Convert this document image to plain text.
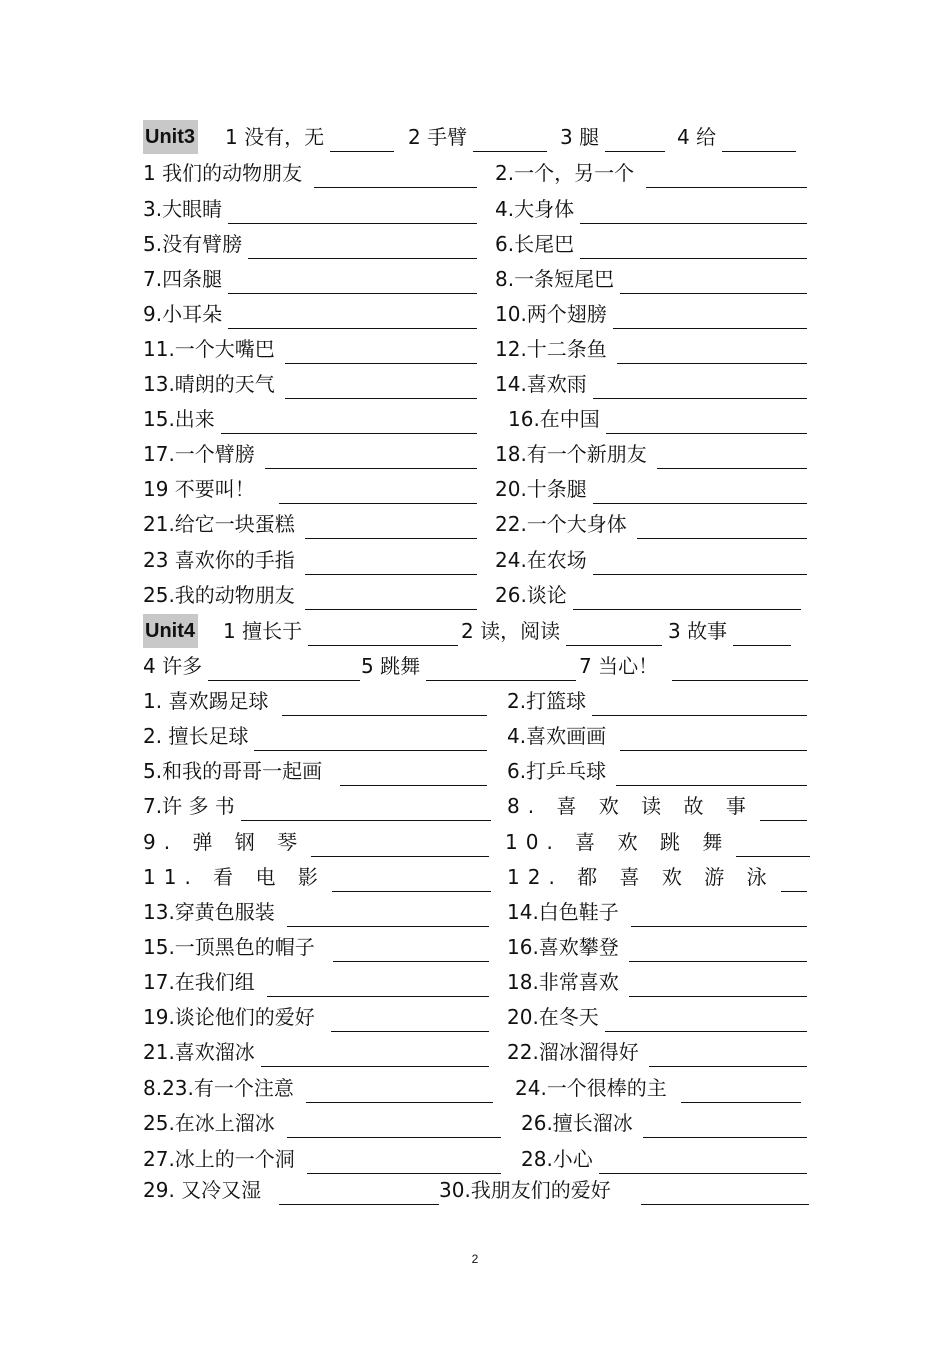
Unit3 1 没有，无	2 手臂	3 腿	4 给
1 我们的动物朋友	2.一个，另一个
3.大眼睛	4.大身体
5.没有臂膀	6.长尾巴
7.四条腿	8.一条短尾巴
9.小耳朵	10.两个翅膀
11.一个大嘴巴	12.十二条鱼
13.晴朗的天气	14.喜欢雨
15.出来	16.在中国
17.一个臂膀	18.有一个新朋友
19 不要叫！	20.十条腿
21.给它一块蛋糕	22.一个大身体
23 喜欢你的手指	24.在农场
25.我的动物朋友	26.谈论
Unit4 1 擅长于	2 读，阅读	3 故事
4 许多	5 跳舞	7 当心！
1. 喜欢踢足球	2.打篮球
2. 擅长足球	4.喜欢画画
5.和我的哥哥一起画	6.打乒乓球
7.许 多 书	8. 喜 欢 读 故 事
9. 弹 钢 琴	10. 喜 欢 跳 舞
11. 看 电 影	12. 都 喜 欢 游 泳
13.穿黄色服装	14.白色鞋子
15.一顶黑色的帽子	16.喜欢攀登
17.在我们组	18.非常喜欢
19.谈论他们的爱好	20.在冬天
21.喜欢溜冰	22.溜冰溜得好
8.23.有一个注意	24.一个很棒的主
25.在冰上溜冰	26.擅长溜冰
27.冰上的一个洞	28.小心
29. 又冷又湿	30.我朋友们的爱好
2
